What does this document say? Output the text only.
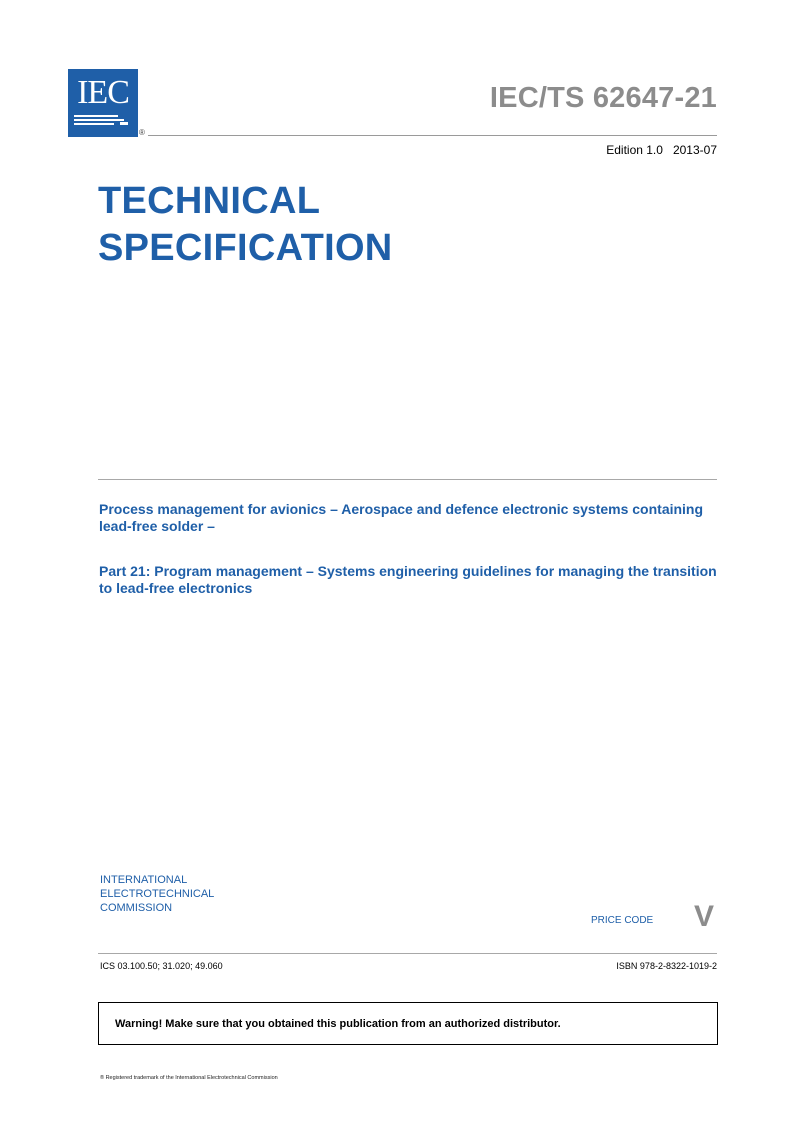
IEC
®
IEC/TS 62647-21
Edition 1.0 2013-07
TECHNICAL
SPECIFICATION
Process management for avionics – Aerospace and defence electronic systems containing lead-free solder –
Part 21: Program management – Systems engineering guidelines for managing the transition to lead-free electronics
INTERNATIONAL
ELECTROTECHNICAL
COMMISSION
PRICE CODE V
ICS 03.100.50; 31.020; 49.060	ISBN 978-2-8322-1019-2
Warning! Make sure that you obtained this publication from an authorized distributor.
® Registered trademark of the International Electrotechnical Commission
